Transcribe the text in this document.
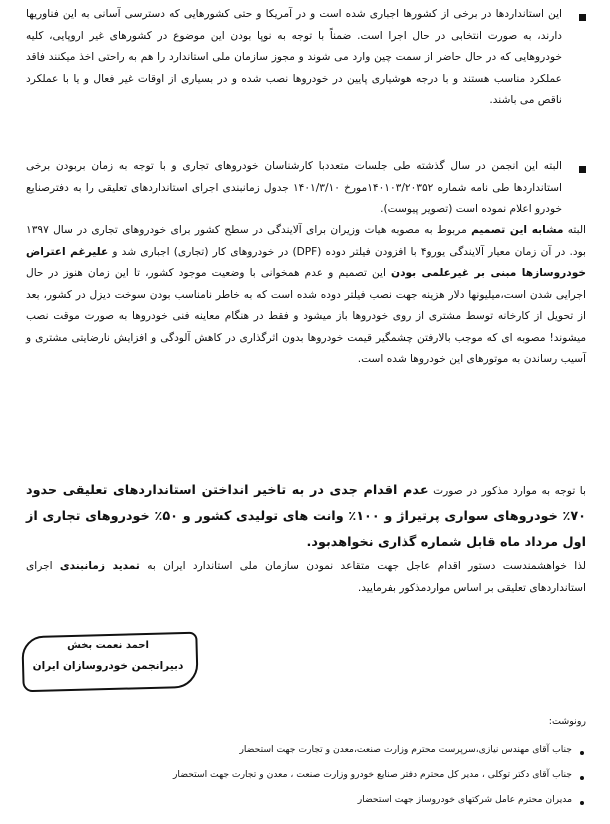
این استانداردها در برخی از کشورها اجباری شده است و در آمریکا و حتی کشورهایی که دسترسی آسانی به این فناوریها دارند، به صورت انتخابی در حال اجرا است. ضمناً با توجه به نوپا بودن این موضوع در کشورهای غیر اروپایی، کلیه خودروهایی که در حال حاضر از سمت چین وارد می شوند و مجوز سازمان ملی استاندارد را هم به راحتی اخذ میکنند فاقد عملکرد مناسب هستند و با درجه هوشیاری پایین در خودروها نصب شده و در بسیاری از اوقات غیر فعال و یا با عملکرد ناقص می باشند.

البته این انجمن در سال گذشته طی جلسات متعددبا کارشناسان خودروهای تجاری و با توجه به زمان بربودن برخی استانداردها طی نامه شماره ۱۴۰۱۰۳/۲۰۳۵۲مورخ ۱۴۰۱/۳/۱۰ جدول زمانبندی اجرای استانداردهای تعلیقی را به دفترصنایع خودرو اعلام نموده است (تصویر پیوست).

البته مشابه این تصمیم مربوط به مصوبه هیات وزیران برای آلایندگی در سطح کشور برای خودروهای تجاری در سال ۱۳۹۷ بود. در آن زمان معیار آلایندگی یورو۴ با افزودن فیلتر دوده (DPF) در خودروهای کار (تجاری) اجباری شد و علیرغم اعتراض خودروسازها مبنی بر غیرعلمی بودن این تصمیم و عدم همخوانی با وضعیت موجود کشور، تا این زمان هنوز در حال اجرایی شدن است،میلیونها دلار هزینه جهت نصب فیلتر دوده شده است که به خاطر نامناسب بودن سوخت دیزل در کشور، بعد از تحویل از کارخانه توسط مشتری از روی خودروها باز میشود و فقط در هنگام معاینه فنی خودروها به صورت موقت نصب میشوند! مصوبه ای که موجب بالارفتن چشمگیر قیمت خودروها بدون اثرگذاری در کاهش آلودگی و افزایش نارضایتی مشتری و آسیب رساندن به موتورهای این خودروها شده است.

با توجه به موارد مذکور در صورت عدم اقدام جدی در به تاخیر انداختن استانداردهای تعلیقی حدود ۷۰٪ خودروهای سواری پرتیراژ و ۱۰۰٪ وانت های تولیدی کشور و ۵۰٪ خودروهای تجاری از اول مرداد ماه قابل شماره گذاری نخواهدبود.

لذا خواهشمندست دستور اقدام عاجل جهت متقاعد نمودن سازمان ملی استاندارد ایران به تمدید زمانبندی اجرای استانداردهای تعلیقی بر اساس مواردمذکور بفرمایید.

احمد نعمت بخش

دبیرانجمن خودروسازان ایران

رونوشت:

جناب آقای مهندس نیازی،سرپرست محترم وزارت صنعت،معدن و تجارت جهت استحضار

جناب آقای دکتر توکلی ، مدیر کل محترم دفتر صنایع خودرو وزارت صنعت ، معدن و تجارت جهت استحضار

مدیران محترم عامل شرکتهای خودروساز جهت استحضار
